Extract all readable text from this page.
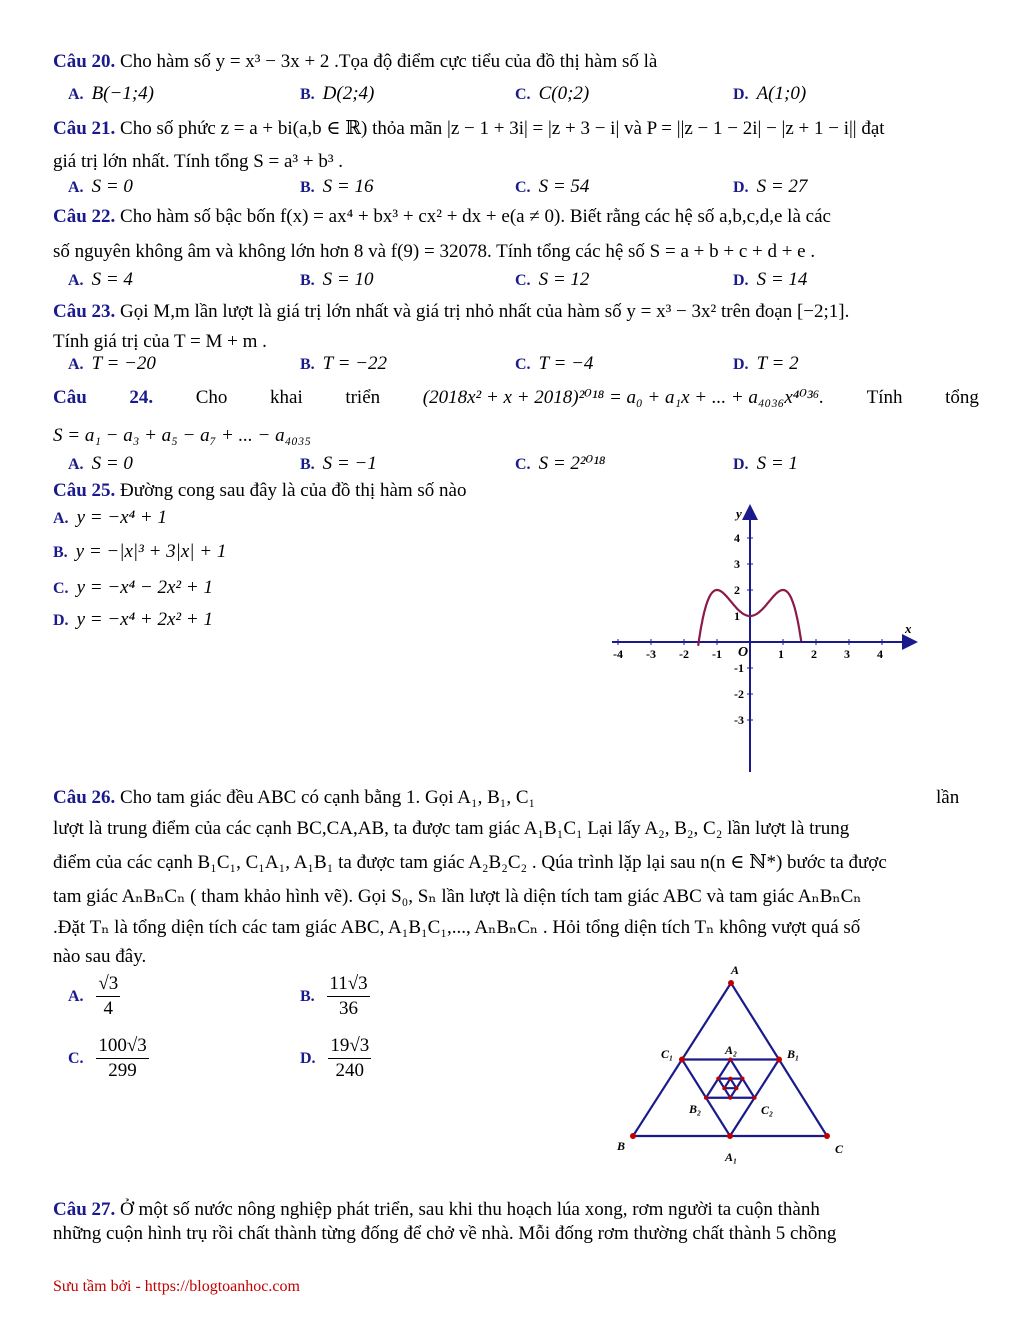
Câu 20. Cho hàm số y = x³ − 3x + 2 .Tọa độ điểm cực tiểu của đồ thị hàm số là
A. B(−1;4)	B. D(2;4)	C. C(0;2)	D. A(1;0)
Câu 21. Cho số phức z = a + bi(a,b ∈ ℝ) thỏa mãn |z − 1 + 3i| = |z + 3 − i| và P = ||z − 1 − 2i| − |z + 1 − i|| đạt
giá trị lớn nhất. Tính tổng S = a³ + b³ .
A. S = 0	B. S = 16	C. S = 54	D. S = 27
Câu 22. Cho hàm số bậc bốn f(x) = ax⁴ + bx³ + cx² + dx + e(a ≠ 0). Biết rằng các hệ số a,b,c,d,e là các
số nguyên không âm và không lớn hơn 8 và f(9) = 32078. Tính tổng các hệ số S = a + b + c + d + e .
A. S = 4	B. S = 10	C. S = 12	D. S = 14
Câu 23. Gọi M,m lần lượt là giá trị lớn nhất và giá trị nhỏ nhất của hàm số y = x³ − 3x² trên đoạn [−2;1].
Tính giá trị của T = M + m .
A. T = −20	B. T = −22	C. T = −4	D. T = 2
Câu 24. Cho khai triển (2018x² + x + 2018)²⁰¹⁸ = a₀ + a₁x + ... + a₄₀₃₆x⁴⁰³⁶. Tính tổng
S = a₁ − a₃ + a₅ − a₇ + ... − a₄₀₃₅
A. S = 0	B. S = −1	C. S = 2²⁰¹⁸	D. S = 1
Câu 25. Đường cong sau đây là của đồ thị hàm số nào
A. y = −x⁴ + 1
B. y = −|x|³ + 3|x| + 1
C. y = −x⁴ − 2x² + 1
D. y = −x⁴ + 2x² + 1
-4 -3 -2 -1	1 2 3 4
4
3
2
1
-1
-2
-3
x
y
O
Câu 26. Cho tam giác đều ABC có cạnh bằng 1. Gọi A₁, B₁, C₁	lần
lượt là trung điểm của các cạnh BC,CA,AB, ta được tam giác A₁B₁C₁ Lại lấy A₂, B₂, C₂ lần lượt là trung
điểm của các cạnh B₁C₁, C₁A₁, A₁B₁ ta được tam giác A₂B₂C₂ . Qúa trình lặp lại sau n(n ∈ ℕ*) bước ta được
tam giác AₙBₙCₙ ( tham khảo hình vẽ). Gọi S₀, Sₙ lần lượt là diện tích tam giác ABC và tam giác AₙBₙCₙ
.Đặt Tₙ là tổng diện tích các tam giác ABC, A₁B₁C₁,..., AₙBₙCₙ . Hỏi tổng diện tích Tₙ không vượt quá số
nào sau đây.
A. $\frac{√3}{4}$	B. $\frac{11√3}{36}$
C. $\frac{100√3}{299}$	D. $\frac{19√3}{240}$
A
B	C
A₁
B₁
C₁	A₂
B₂	C₂
Câu 27. Ở một số nước nông nghiệp phát triển, sau khi thu hoạch lúa xong, rơm người ta cuộn thành
những cuộn hình trụ rồi chất thành từng đống để chở về nhà. Mỗi đống rơm thường chất thành 5 chồng
Sưu tầm bởi - https://blogtoanhoc.com
